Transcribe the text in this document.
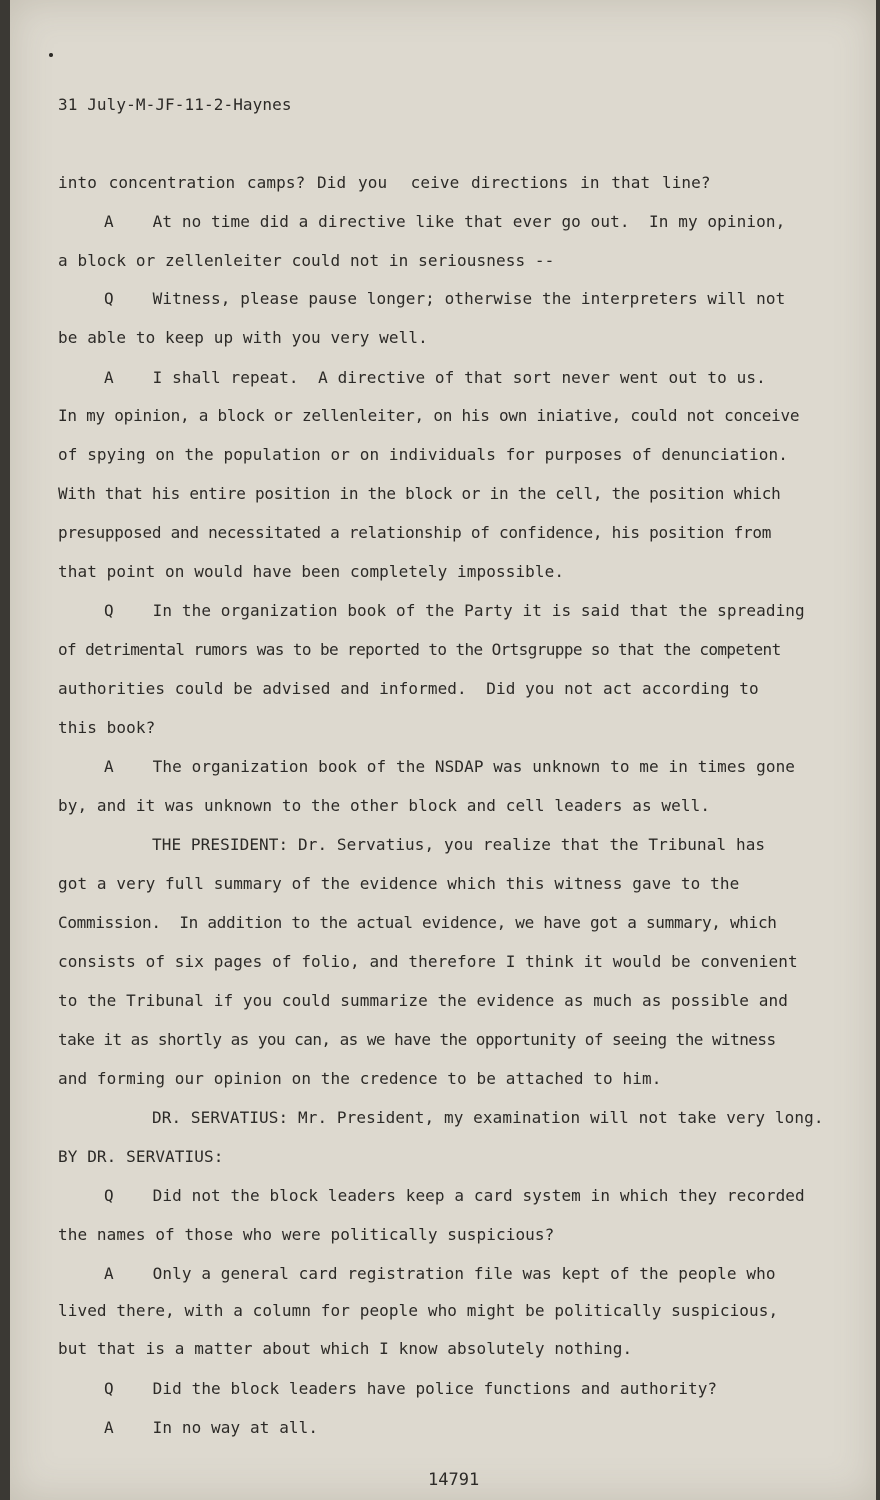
31 July-M-JF-11-2-Haynes
into concentration camps? Did you  ceive directions in that line?
A    At no time did a directive like that ever go out.  In my opinion,
a block or zellenleiter could not in seriousness --
Q    Witness, please pause longer; otherwise the interpreters will not
be able to keep up with you very well.
A    I shall repeat.  A directive of that sort never went out to us.
In my opinion, a block or zellenleiter, on his own iniative, could not conceive
of spying on the population or on individuals for purposes of denunciation.
With that his entire position in the block or in the cell, the position which
presupposed and necessitated a relationship of confidence, his position from
that point on would have been completely impossible.
Q    In the organization book of the Party it is said that the spreading
of detrimental rumors was to be reported to the Ortsgruppe so that the competent
authorities could be advised and informed.  Did you not act according to
this book?
A    The organization book of the NSDAP was unknown to me in times gone
by, and it was unknown to the other block and cell leaders as well.
THE PRESIDENT: Dr. Servatius, you realize that the Tribunal has
got a very full summary of the evidence which this witness gave to the
Commission.  In addition to the actual evidence, we have got a summary, which
consists of six pages of folio, and therefore I think it would be convenient
to the Tribunal if you could summarize the evidence as much as possible and
take it as shortly as you can, as we have the opportunity of seeing the witness
and forming our opinion on the credence to be attached to him.
DR. SERVATIUS: Mr. President, my examination will not take very long.
BY DR. SERVATIUS:
Q    Did not the block leaders keep a card system in which they recorded
the names of those who were politically suspicious?
A    Only a general card registration file was kept of the people who
lived there, with a column for people who might be politically suspicious,
but that is a matter about which I know absolutely nothing.
Q    Did the block leaders have police functions and authority?
A    In no way at all.
14791
